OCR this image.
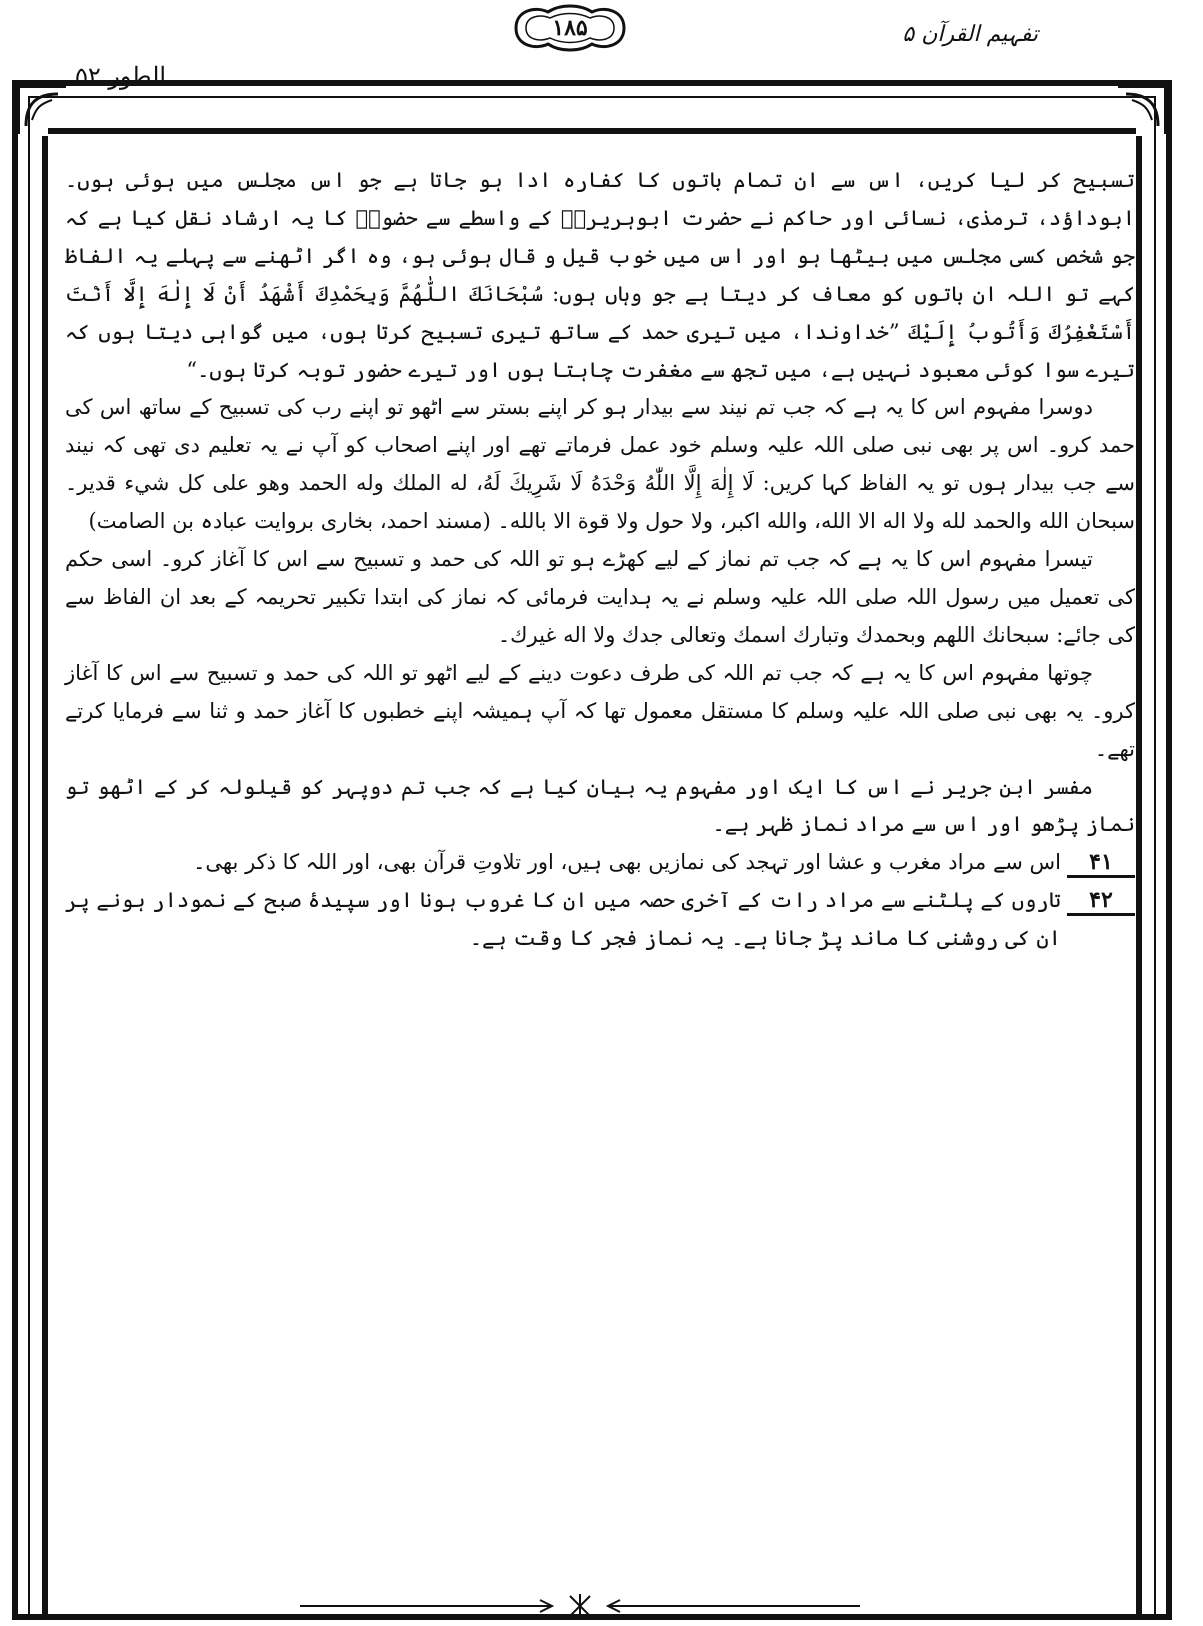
تفہیم القرآن ۵
۱۸۵
الطور ۵۲

تسبیح کر لیا کریں، اس سے ان تمام باتوں کا کفارہ ادا ہو جاتا ہے جو اس مجلس میں ہوئی ہوں۔ ابوداؤد، ترمذی، نسائی اور حاکم نے حضرت ابوہریرہؓ کے واسطے سے حضورؐ کا یہ ارشاد نقل کیا ہے کہ جو شخص کسی مجلس میں بیٹھا ہو اور اس میں خوب قیل و قال ہوئی ہو، وہ اگر اٹھنے سے پہلے یہ الفاظ کہے تو اللہ ان باتوں کو معاف کر دیتا ہے جو وہاں ہوں: سُبْحَانَكَ اللّٰهُمَّ وَبِحَمْدِكَ أَشْهَدُ أَنْ لَا إِلٰهَ إِلَّا أَنْتَ أَسْتَغْفِرُكَ وَأَتُوبُ إِلَيْكَ ”خداوندا، میں تیری حمد کے ساتھ تیری تسبیح کرتا ہوں، میں گواہی دیتا ہوں کہ تیرے سوا کوئی معبود نہیں ہے، میں تجھ سے مغفرت چاہتا ہوں اور تیرے حضور توبہ کرتا ہوں۔“

دوسرا مفہوم اس کا یہ ہے کہ جب تم نیند سے بیدار ہو کر اپنے بستر سے اٹھو تو اپنے رب کی تسبیح کے ساتھ اس کی حمد کرو۔ اس پر بھی نبی صلی اللہ علیہ وسلم خود عمل فرماتے تھے اور اپنے اصحاب کو آپ نے یہ تعلیم دی تھی کہ نیند سے جب بیدار ہوں تو یہ الفاظ کہا کریں: لَا إِلٰهَ إِلَّا اللّٰهُ وَحْدَهُ لَا شَرِيكَ لَهُ، له الملك وله الحمد وهو على كل شيء قدير۔ سبحان الله والحمد لله ولا اله الا الله، والله اكبر، ولا حول ولا قوة الا بالله۔ (مسند احمد، بخاری بروایت عبادہ بن الصامت)

تیسرا مفہوم اس کا یہ ہے کہ جب تم نماز کے لیے کھڑے ہو تو اللہ کی حمد و تسبیح سے اس کا آغاز کرو۔ اسی حکم کی تعمیل میں رسول اللہ صلی اللہ علیہ وسلم نے یہ ہدایت فرمائی کہ نماز کی ابتدا تکبیر تحریمہ کے بعد ان الفاظ سے کی جائے: سبحانك اللهم وبحمدك وتبارك اسمك وتعالى جدك ولا اله غيرك۔

چوتھا مفہوم اس کا یہ ہے کہ جب تم اللہ کی طرف دعوت دینے کے لیے اٹھو تو اللہ کی حمد و تسبیح سے اس کا آغاز کرو۔ یہ بھی نبی صلی اللہ علیہ وسلم کا مستقل معمول تھا کہ آپ ہمیشہ اپنے خطبوں کا آغاز حمد و ثنا سے فرمایا کرتے تھے۔

مفسر ابن جریر نے اس کا ایک اور مفہوم یہ بیان کیا ہے کہ جب تم دوپہر کو قیلولہ کر کے اٹھو تو نماز پڑھو اور اس سے مراد نماز ظہر ہے۔

۴۱
اس سے مراد مغرب و عشا اور تہجد کی نمازیں بھی ہیں، اور تلاوتِ قرآن بھی، اور اللہ کا ذکر بھی۔
۴۲
تاروں کے پلٹنے سے مراد رات کے آخری حصہ میں ان کا غروب ہونا اور سپیدۂ صبح کے نمودار ہونے پر ان کی روشنی کا ماند پڑ جانا ہے۔ یہ نماز فجر کا وقت ہے۔
